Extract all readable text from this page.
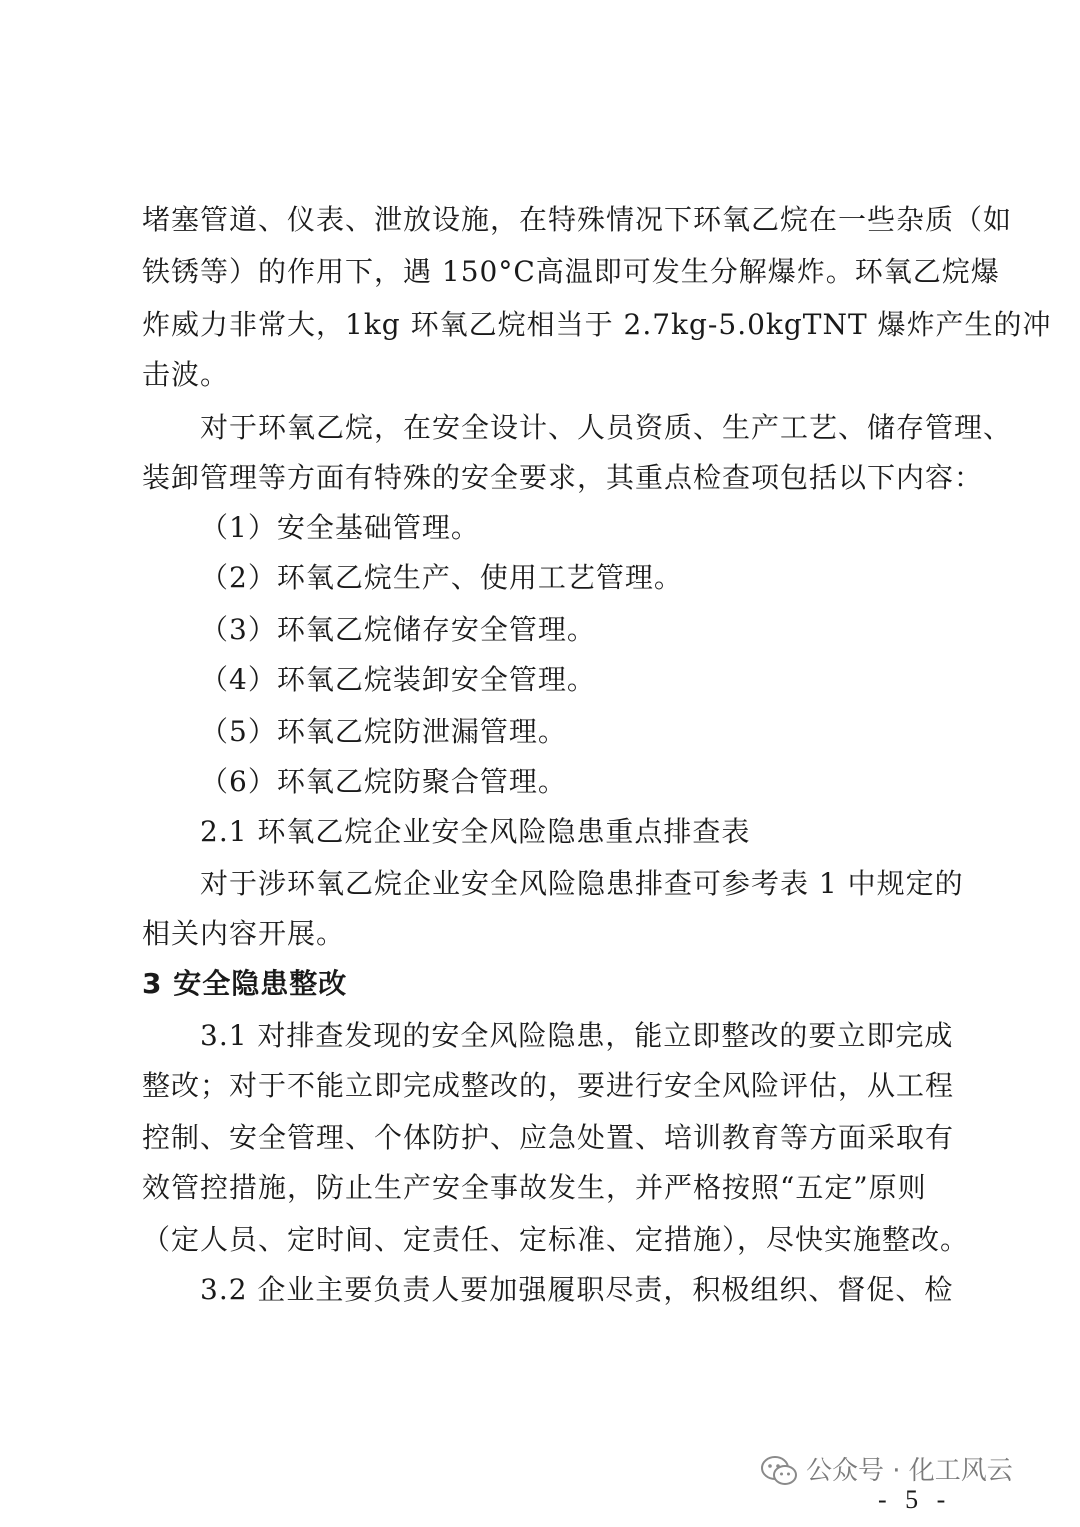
堵塞管道、仪表、泄放设施，在特殊情况下环氧乙烷在一些杂质（如
铁锈等）的作用下，遇 150°C高温即可发生分解爆炸。环氧乙烷爆
炸威力非常大，1kg 环氧乙烷相当于 2.7kg-5.0kgTNT 爆炸产生的冲
击波。
对于环氧乙烷，在安全设计、人员资质、生产工艺、储存管理、
装卸管理等方面有特殊的安全要求，其重点检查项包括以下内容：
（1）安全基础管理。
（2）环氧乙烷生产、使用工艺管理。
（3）环氧乙烷储存安全管理。
（4）环氧乙烷装卸安全管理。
（5）环氧乙烷防泄漏管理。
（6）环氧乙烷防聚合管理。
2.1 环氧乙烷企业安全风险隐患重点排查表
对于涉环氧乙烷企业安全风险隐患排查可参考表 1 中规定的
相关内容开展。
3 安全隐患整改
3.1 对排查发现的安全风险隐患，能立即整改的要立即完成
整改；对于不能立即完成整改的，要进行安全风险评估，从工程
控制、安全管理、个体防护、应急处置、培训教育等方面采取有
效管控措施，防止生产安全事故发生，并严格按照“五定”原则
（定人员、定时间、定责任、定标准、定措施），尽快实施整改。
3.2 企业主要负责人要加强履职尽责，积极组织、督促、检
- 5 -
公众号 · 化工风云
